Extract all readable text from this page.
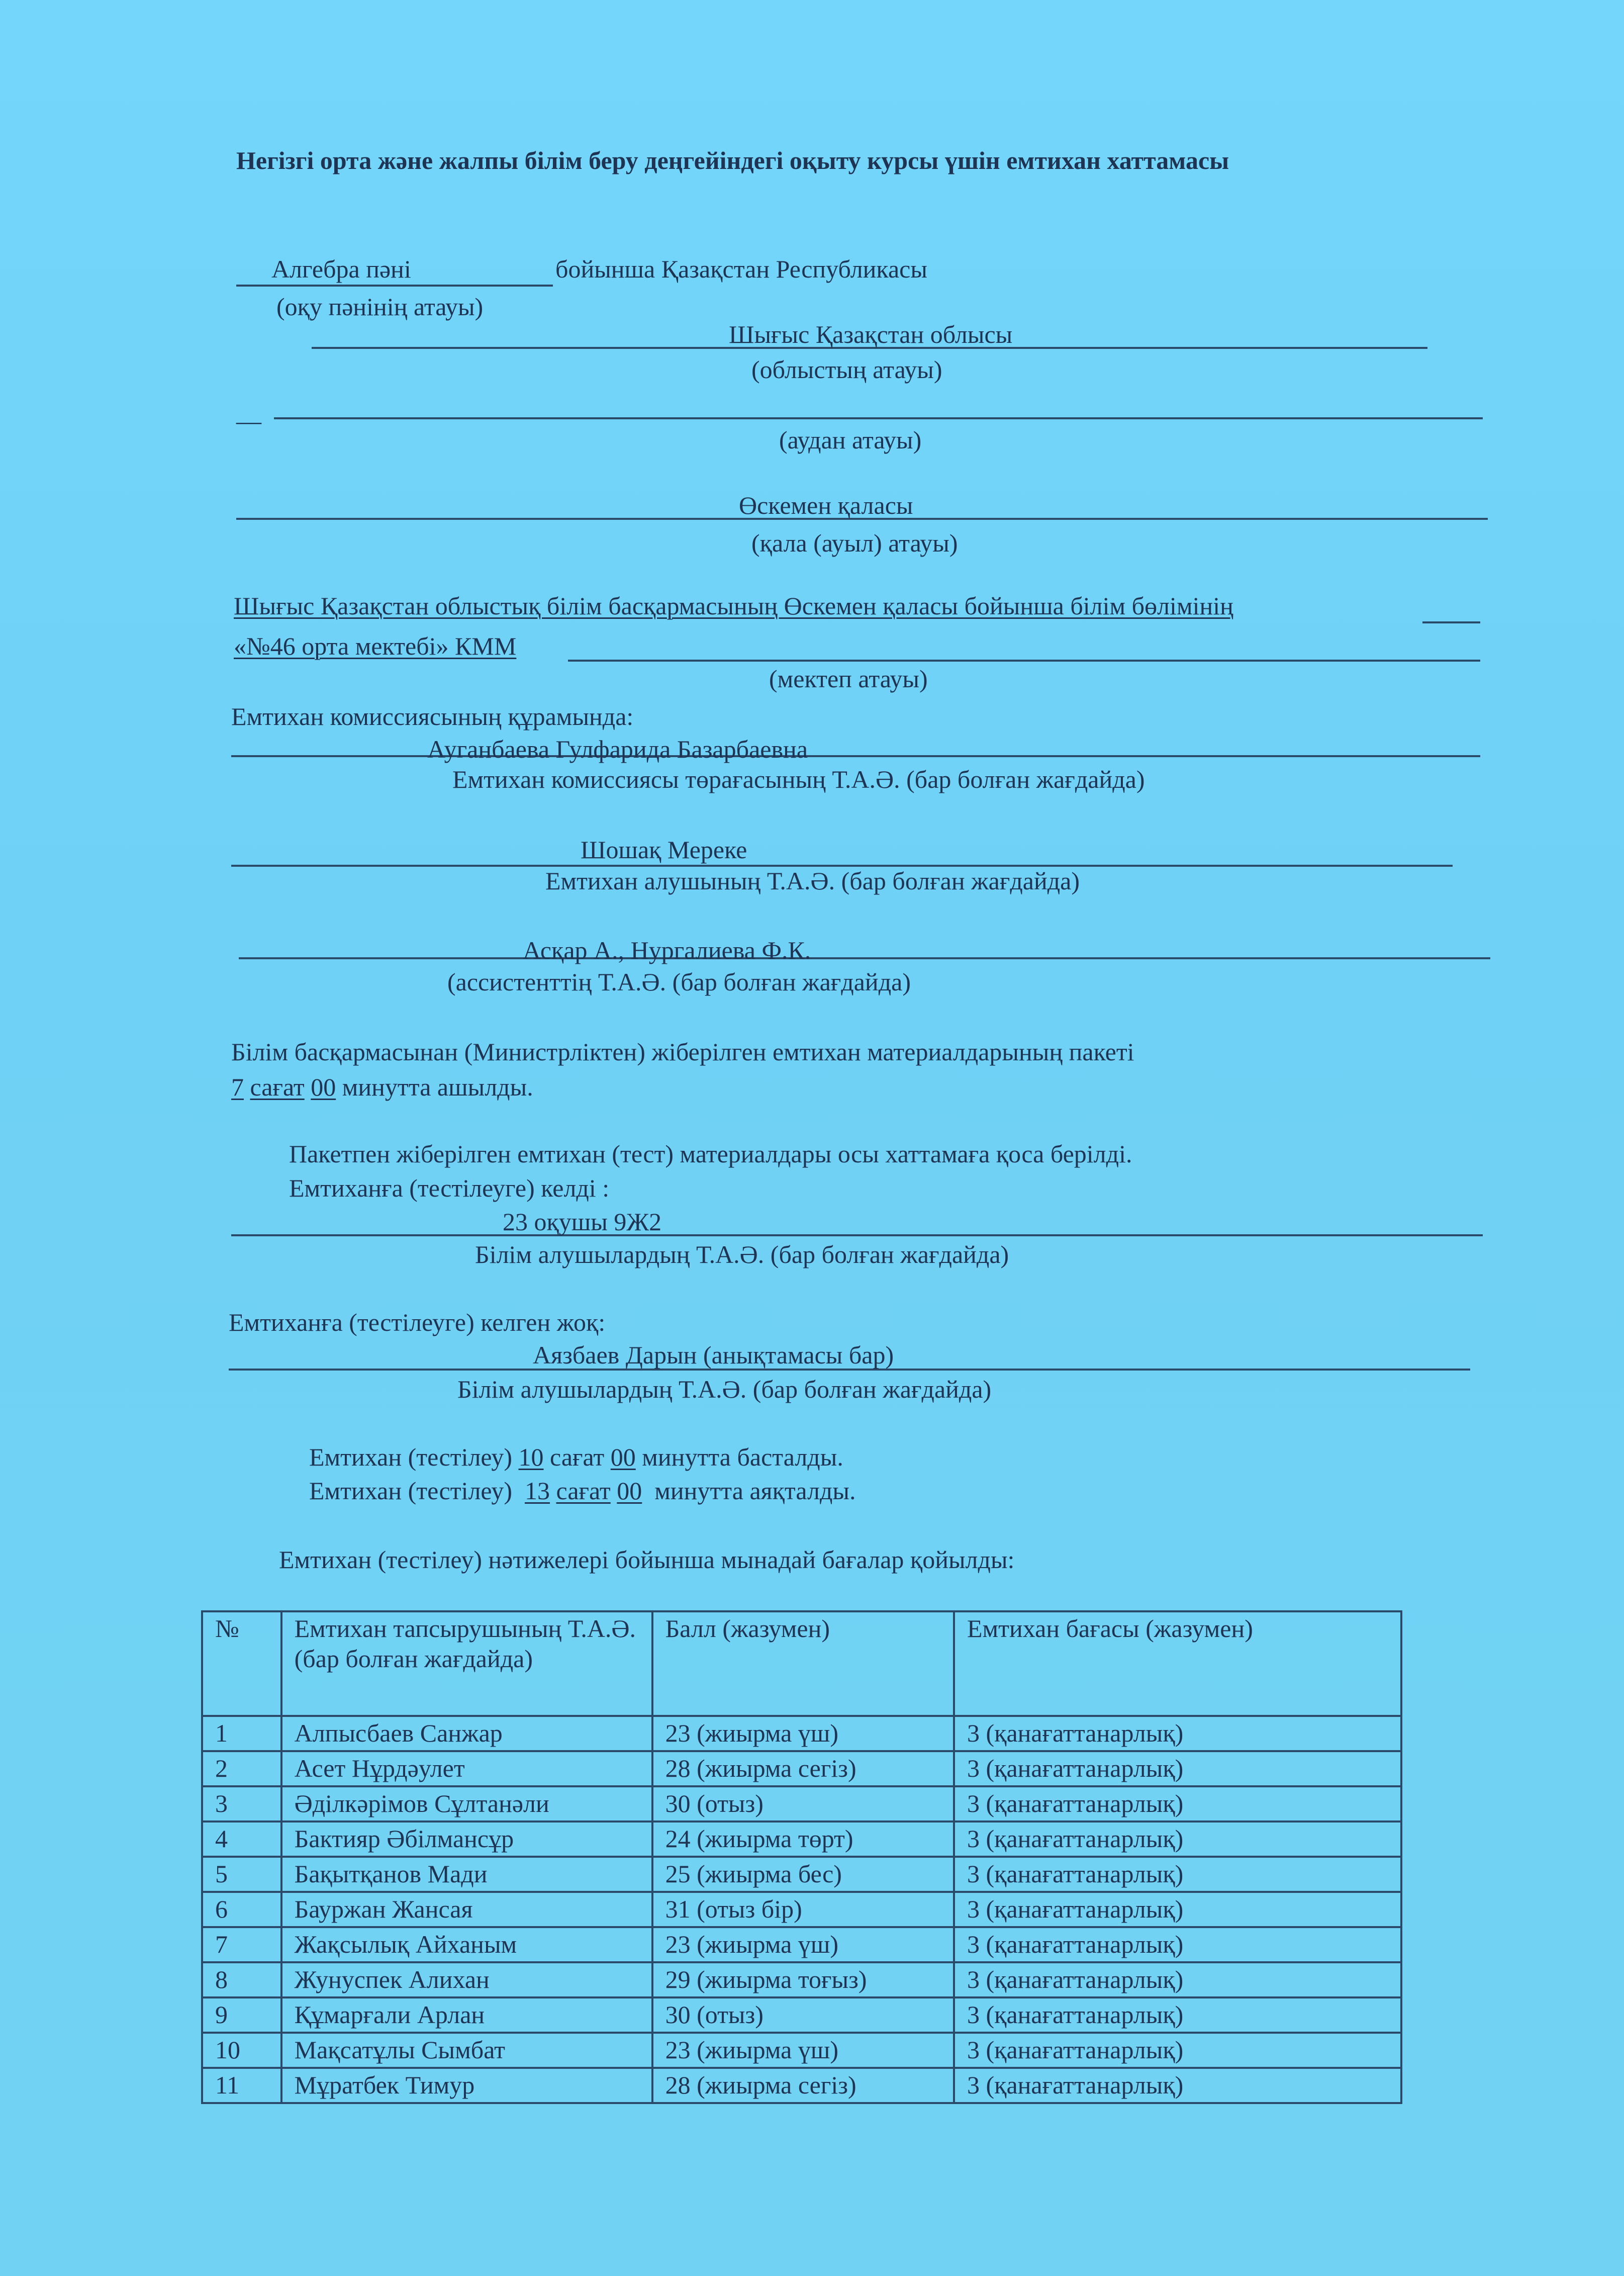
Негізгі орта және жалпы білім беру деңгейіндегі оқыту курсы үшін емтихан хаттамасы
Алгебра пәні	бойынша Қазақстан Республикасы
(оқу пәнінің атауы)
Шығыс Қазақстан облысы
(облыстың атауы)
__
(аудан атауы)
Өскемен қаласы
(қала (ауыл) атауы)
Шығыс Қазақстан облыстық білім басқармасының Өскемен қаласы бойынша білім бөлімінің
«№46 орта мектебі» КММ
(мектеп атауы)
Емтихан комиссиясының құрамында:
Ауганбаева Гулфарида Базарбаевна
Емтихан комиссиясы төрағасының Т.А.Ә. (бар болған жағдайда)
Шошақ Мереке
Емтихан алушының Т.А.Ә. (бар болған жағдайда)
Асқар А., Нургалиева Ф.К.
(ассистенттің Т.А.Ә. (бар болған жағдайда)
Білім басқармасынан (Министрліктен) жіберілген емтихан материалдарының пакеті
7 сағат 00 минутта ашылды.
Пакетпен жіберілген емтихан (тест) материалдары осы хаттамаға қоса берілді.
Емтиханға (тестілеуге) келді :
23 оқушы 9Ж2
Білім алушылардың Т.А.Ә. (бар болған жағдайда)
Емтиханға (тестілеуге) келген жоқ:
Аязбаев Дарын (анықтамасы бар)
Білім алушылардың Т.А.Ә. (бар болған жағдайда)
Емтихан (тестілеу) 10 сағат 00 минутта басталды.
Емтихан (тестілеу) 13 сағат 00 минутта аяқталды.
Емтихан (тестілеу) нәтижелері бойынша мынадай бағалар қойылды:
№	Емтихан тапсырушының Т.А.Ә. (бар болған жағдайда)	Балл (жазумен)	Емтихан бағасы (жазумен)
1	Алпысбаев Санжар	23 (жиырма үш)	3 (қанағаттанарлық)
2	Асет Нұрдәулет	28 (жиырма сегіз)	3 (қанағаттанарлық)
3	Әділкәрімов Сұлтанәли	30 (отыз)	3 (қанағаттанарлық)
4	Бактияр Әбілмансұр	24 (жиырма төрт)	3 (қанағаттанарлық)
5	Бақытқанов Мади	25 (жиырма бес)	3 (қанағаттанарлық)
6	Бауржан Жансая	31 (отыз бір)	3 (қанағаттанарлық)
7	Жақсылық Айханым	23 (жиырма үш)	3 (қанағаттанарлық)
8	Жунуспек Алихан	29 (жиырма тоғыз)	3 (қанағаттанарлық)
9	Құмарғали Арлан	30 (отыз)	3 (қанағаттанарлық)
10	Мақсатұлы Сымбат	23 (жиырма үш)	3 (қанағаттанарлық)
11	Мұратбек Тимур	28 (жиырма сегіз)	3 (қанағаттанарлық)
